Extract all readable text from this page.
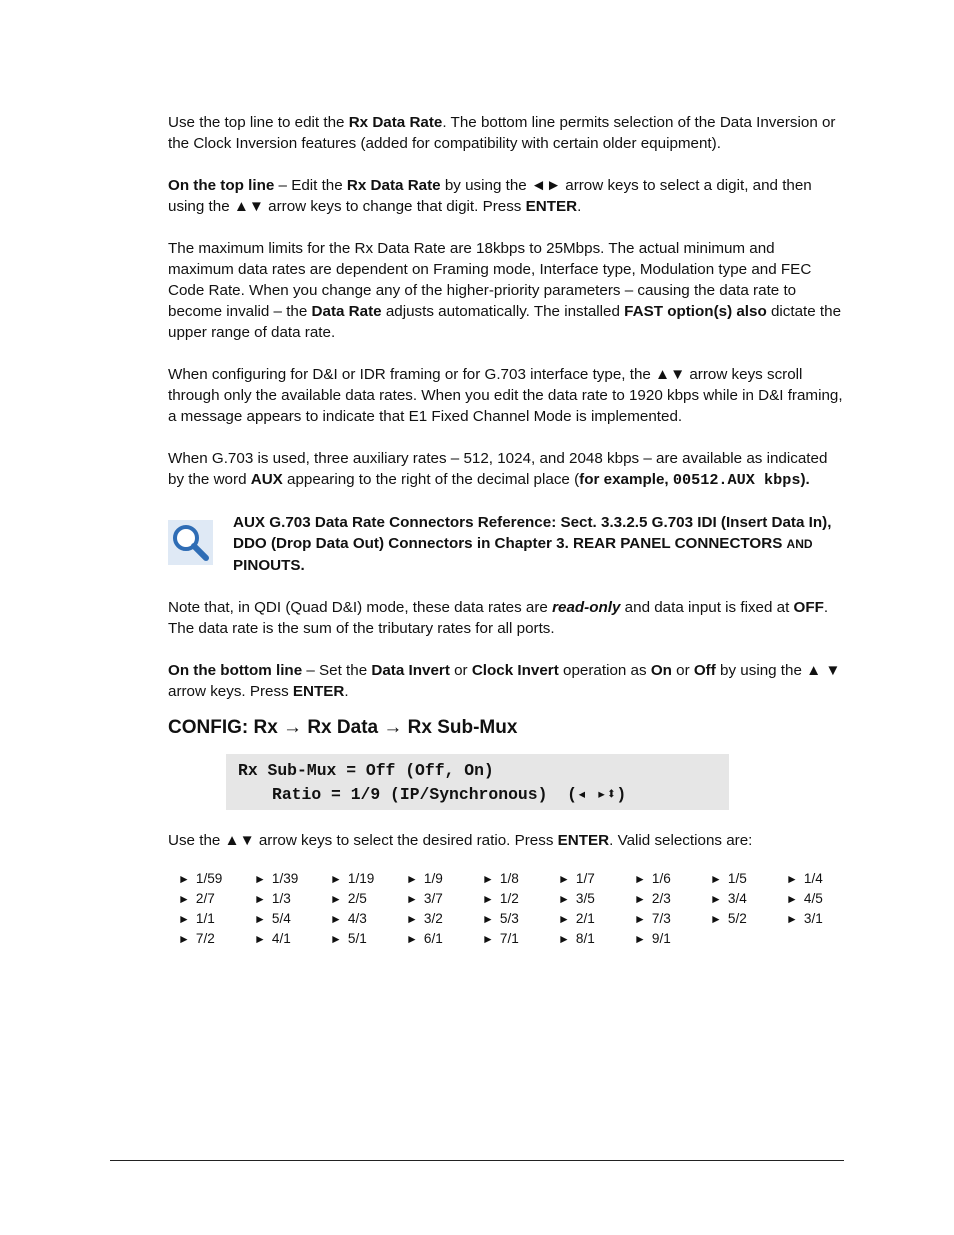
Use the top line to edit the Rx Data Rate. The bottom line permits selection of the Data Inversion or the Clock Inversion features (added for compatibility with certain older equipment).

On the top line – Edit the Rx Data Rate by using the ◄► arrow keys to select a digit, and then using the ▲▼ arrow keys to change that digit. Press ENTER.

The maximum limits for the Rx Data Rate are 18kbps to 25Mbps. The actual minimum and maximum data rates are dependent on Framing mode, Interface type, Modulation type and FEC Code Rate. When you change any of the higher-priority parameters – causing the data rate to become invalid – the Data Rate adjusts automatically. The installed FAST option(s) also dictate the upper range of data rate.

When configuring for D&I or IDR framing or for G.703 interface type, the ▲▼ arrow keys scroll through only the available data rates. When you edit the data rate to 1920 kbps while in D&I framing, a message appears to indicate that E1 Fixed Channel Mode is implemented.

When G.703 is used, three auxiliary rates – 512, 1024, and 2048 kbps – are available as indicated by the word AUX appearing to the right of the decimal place (for example, 00512.AUX kbps).

AUX G.703 Data Rate Connectors Reference: Sect. 3.3.2.5 G.703 IDI (Insert Data In), DDO (Drop Data Out) Connectors in Chapter 3. REAR PANEL CONNECTORS AND PINOUTS.

Note that, in QDI (Quad D&I) mode, these data rates are read-only and data input is fixed at OFF. The data rate is the sum of the tributary rates for all ports.

On the bottom line – Set the Data Invert or Clock Invert operation as On or Off by using the ▲ ▼ arrow keys. Press ENTER.

CONFIG: Rx → Rx Data → Rx Sub-Mux
Rx Sub-Mux = Off (Off, On)
Ratio = 1/9 (IP/Synchronous)  (◂ ▸⬍)

Use the ▲▼ arrow keys to select the desired ratio. Press ENTER. Valid selections are:

► 1/59	► 1/39	► 1/19	► 1/9	► 1/8	► 1/7	► 1/6	► 1/5	► 1/4
► 2/7	► 1/3	► 2/5	► 3/7	► 1/2	► 3/5	► 2/3	► 3/4	► 4/5
► 1/1	► 5/4	► 4/3	► 3/2	► 5/3	► 2/1	► 7/3	► 5/2	► 3/1
► 7/2	► 4/1	► 5/1	► 6/1	► 7/1	► 8/1	► 9/1
